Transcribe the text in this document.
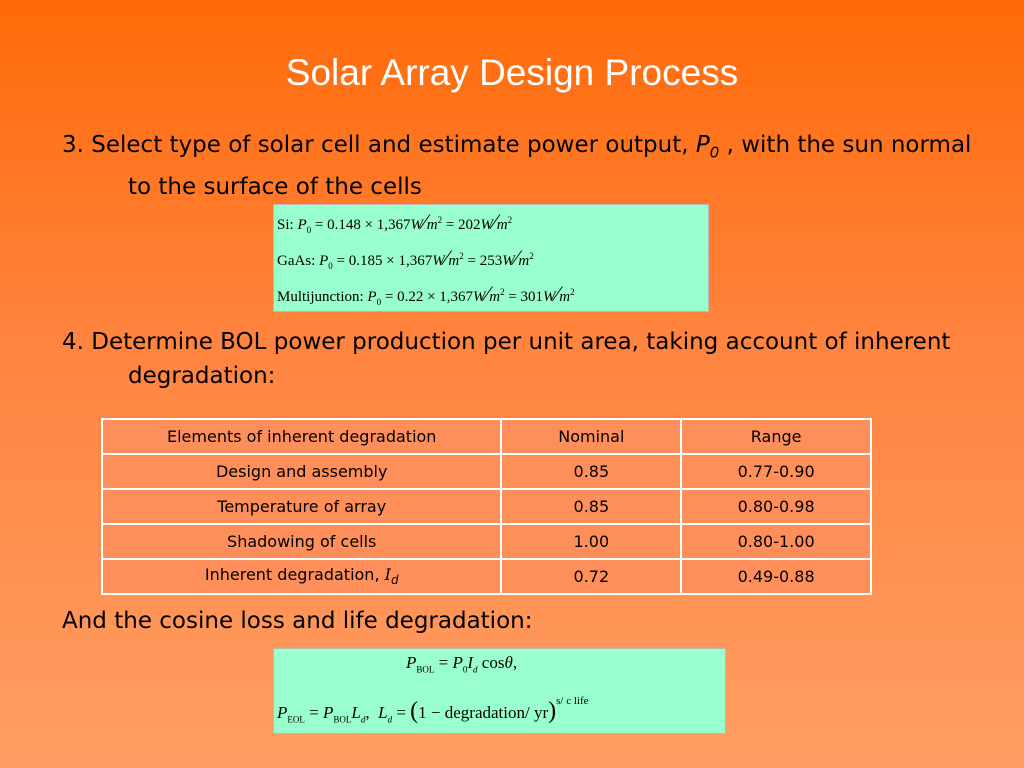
Solar Array Design Process
3. Select type of solar cell and estimate power output, $P_0$ , with the sun normal to the surface of the cells
Si: $P_0 = 0.148$ × $1,367W⁄m^2$ = $202W⁄m^2$
GaAs: $P_0 = 0.185$ × $1,367W⁄m^2$ = $253W⁄m^2$
Multijunction: $P_0 = 0.22$ × $1,367W⁄m^2$ = $301W⁄m^2$
4. Determine BOL power production per unit area, taking account of inherent degradation:
Elements of inherent degradation	Nominal	Range
Design and assembly	0.85	0.77-0.90
Temperature of array	0.85	0.80-0.98
Shadowing of cells	1.00	0.80-1.00
Inherent degradation, $I_d$	0.72	0.49-0.88
And the cosine loss and life degradation:
$P_{BOL} = P_0I_d$ cosθ,
$P_{EOL} = P_{BOL}L_d$,  $L_d = (1$ − degradation/ yr)$^{s/ c life}$
